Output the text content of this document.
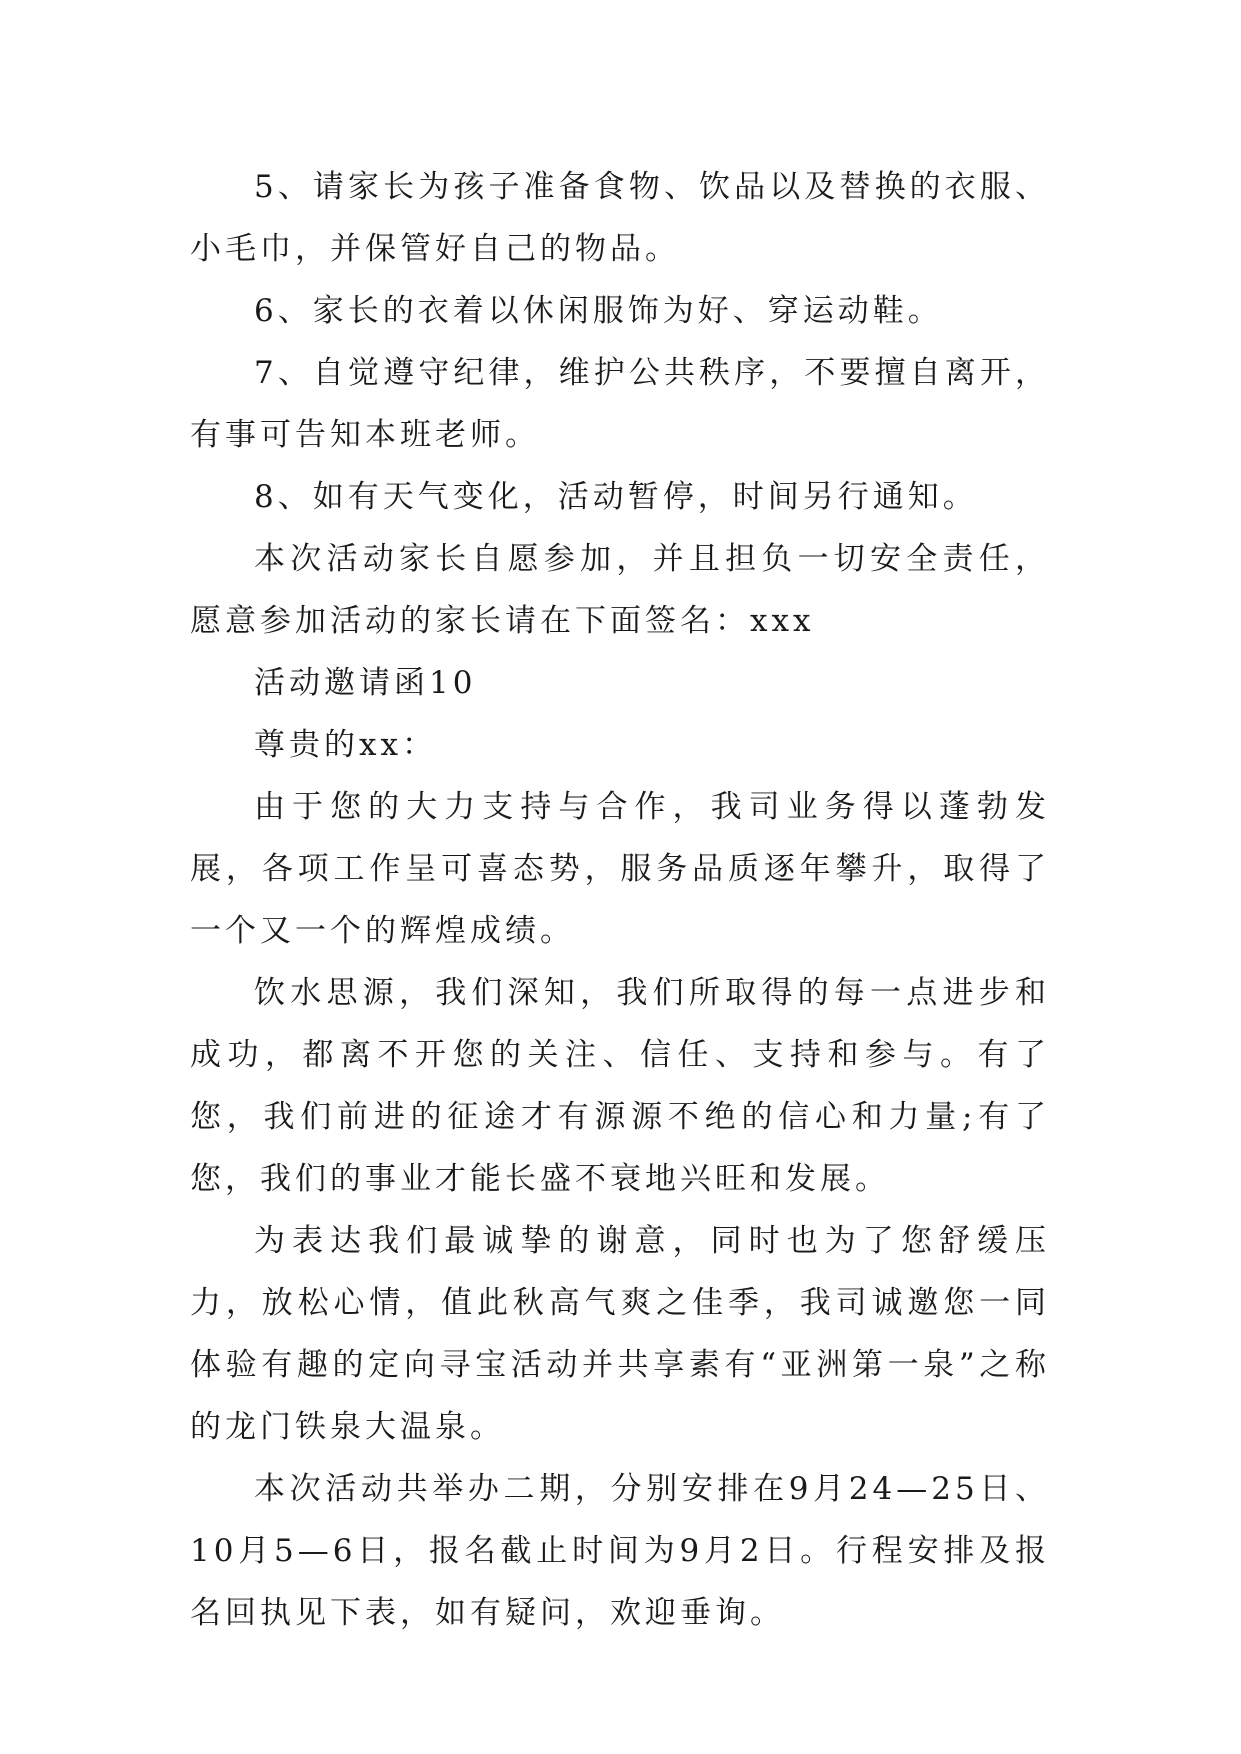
5、请家长为孩子准备食物、饮品以及替换的衣服、小毛巾，并保管好自己的物品。

6、家长的衣着以休闲服饰为好、穿运动鞋。

7、自觉遵守纪律，维护公共秩序，不要擅自离开，有事可告知本班老师。

8、如有天气变化，活动暂停，时间另行通知。

本次活动家长自愿参加，并且担负一切安全责任，愿意参加活动的家长请在下面签名：xxx

活动邀请函10

尊贵的xx：

由于您的大力支持与合作，我司业务得以蓬勃发展，各项工作呈可喜态势，服务品质逐年攀升，取得了一个又一个的辉煌成绩。

饮水思源，我们深知，我们所取得的每一点进步和成功，都离不开您的关注、信任、支持和参与。有了您，我们前进的征途才有源源不绝的信心和力量;有了您，我们的事业才能长盛不衰地兴旺和发展。

为表达我们最诚挚的谢意，同时也为了您舒缓压力，放松心情，值此秋高气爽之佳季，我司诚邀您一同体验有趣的定向寻宝活动并共享素有“亚洲第一泉”之称的龙门铁泉大温泉。

本次活动共举办二期，分别安排在9月24—25日、10月5—6日，报名截止时间为9月2日。行程安排及报名回执见下表，如有疑问，欢迎垂询。
